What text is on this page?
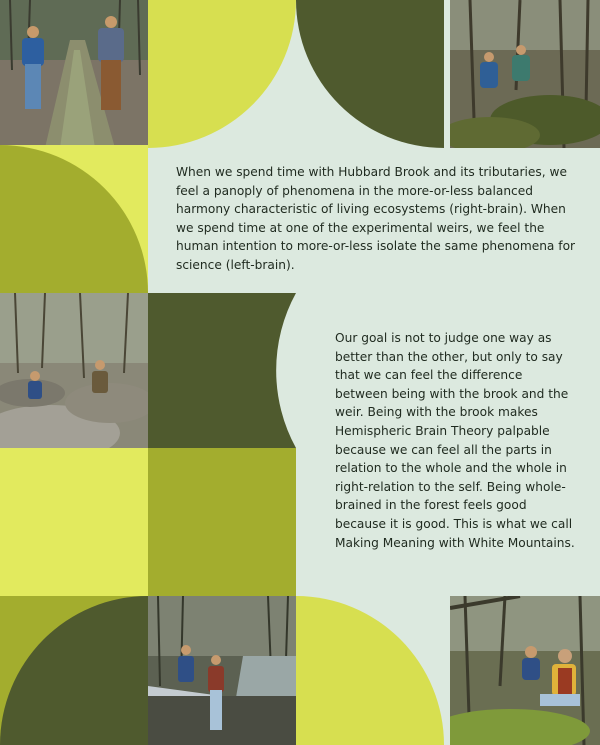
When we spend time with Hubbard Brook and its tributaries, we feel a panoply of phenomena in the more-or-less balanced harmony characteristic of living ecosystems (right-brain). When we spend time at one of the experimental weirs, we feel the human intention to more-or-less isolate the same phenomena for science (left-brain).

Our goal is not to judge one way as better than the other, but only to say that we can feel the difference between being with the brook and the weir. Being with the brook makes Hemispheric Brain Theory palpable because we can feel all the parts in relation to the whole and the whole in right-relation to the self. Being whole-brained in the forest feels good because it is good. This is what we call Making Meaning with White Mountains.
